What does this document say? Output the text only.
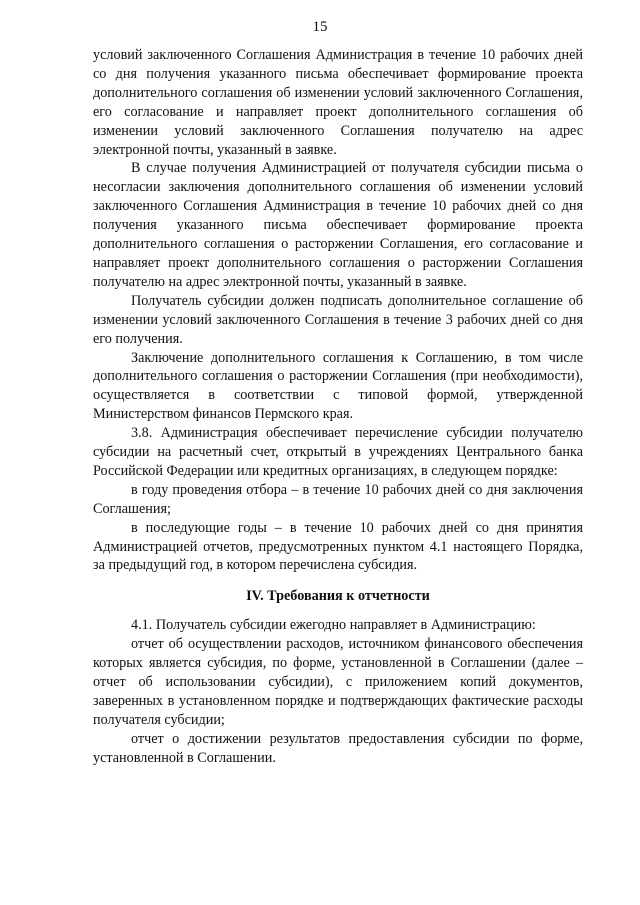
15

условий заключенного Соглашения Администрация в течение 10 рабочих дней со дня получения указанного письма обеспечивает формирование проекта дополнительного соглашения об изменении условий заключенного Соглашения, его согласование и направляет проект дополнительного соглашения об изменении условий заключенного Соглашения получателю на адрес электронной почты, указанный в заявке.

В случае получения Администрацией от получателя субсидии письма о несогласии заключения дополнительного соглашения об изменении условий заключенного Соглашения Администрация в течение 10 рабочих дней со дня получения указанного письма обеспечивает формирование проекта дополнительного соглашения о расторжении Соглашения, его согласование и направляет проект дополнительного соглашения о расторжении Соглашения получателю на адрес электронной почты, указанный в заявке.

Получатель субсидии должен подписать дополнительное соглашение об изменении условий заключенного Соглашения в течение 3 рабочих дней со дня его получения.

Заключение дополнительного соглашения к Соглашению, в том числе дополнительного соглашения о расторжении Соглашения (при необходимости), осуществляется в соответствии с типовой формой, утвержденной Министерством финансов Пермского края.

3.8. Администрация обеспечивает перечисление субсидии получателю субсидии на расчетный счет, открытый в учреждениях Центрального банка Российской Федерации или кредитных организациях, в следующем порядке:

в году проведения отбора – в течение 10 рабочих дней со дня заключения Соглашения;

в последующие годы – в течение 10 рабочих дней со дня принятия Администрацией отчетов, предусмотренных пунктом 4.1 настоящего Порядка, за предыдущий год, в котором перечислена субсидия.

IV. Требования к отчетности

4.1. Получатель субсидии ежегодно направляет в Администрацию:

отчет об осуществлении расходов, источником финансового обеспечения которых является субсидия, по форме, установленной в Соглашении (далее – отчет об использовании субсидии), с приложением копий документов, заверенных в установленном порядке и подтверждающих фактические расходы получателя субсидии;

отчет о достижении результатов предоставления субсидии по форме, установленной в Соглашении.
